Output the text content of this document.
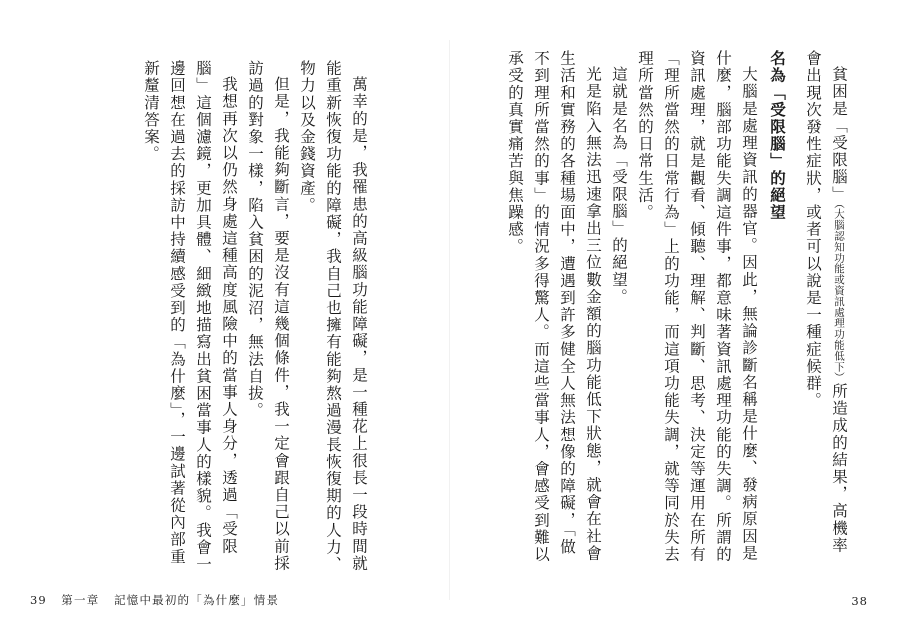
萬幸的是，我罹患的高級腦功能障礙，是一種花上很長一段時間就能重新恢復功能的障礙，我自己也擁有能夠熬過漫長恢復期的人力、物力以及金錢資產。
但是，我能夠斷言，要是沒有這幾個條件，我一定會跟自己以前採訪過的對象一樣，陷入貧困的泥沼，無法自拔。
我想再次以仍然身處這種高度風險中的當事人身分，透過「受限腦」這個濾鏡，更加具體、細緻地描寫出貧困當事人的樣貌。我會一邊回想在過去的採訪中持續感受到的「為什麼」，一邊試著從內部重新釐清答案。
39 第一章 記憶中最初的「為什麼」情景
貧困是「受限腦」（大腦認知功能或資訊處理功能低下）所造成的結果，高機率會出現次發性症狀，或者可以說是一種症候群。
名為「受限腦」的絕望
大腦是處理資訊的器官。因此，無論診斷名稱是什麼、發病原因是什麼，腦部功能失調這件事，都意味著資訊處理功能的失調。所謂的資訊處理，就是觀看、傾聽、理解、判斷、思考、決定等運用在所有「理所當然的日常行為」上的功能，而這項功能失調，就等同於失去理所當然的日常生活。
這就是名為「受限腦」的絕望。
光是陷入無法迅速拿出三位數金額的腦功能低下狀態，就會在社會生活和實務的各種場面中，遭遇到許多健全人無法想像的障礙，「做不到理所當然的事」的情況多得驚人。而這些當事人，會感受到難以承受的真實痛苦與焦躁感。
38
